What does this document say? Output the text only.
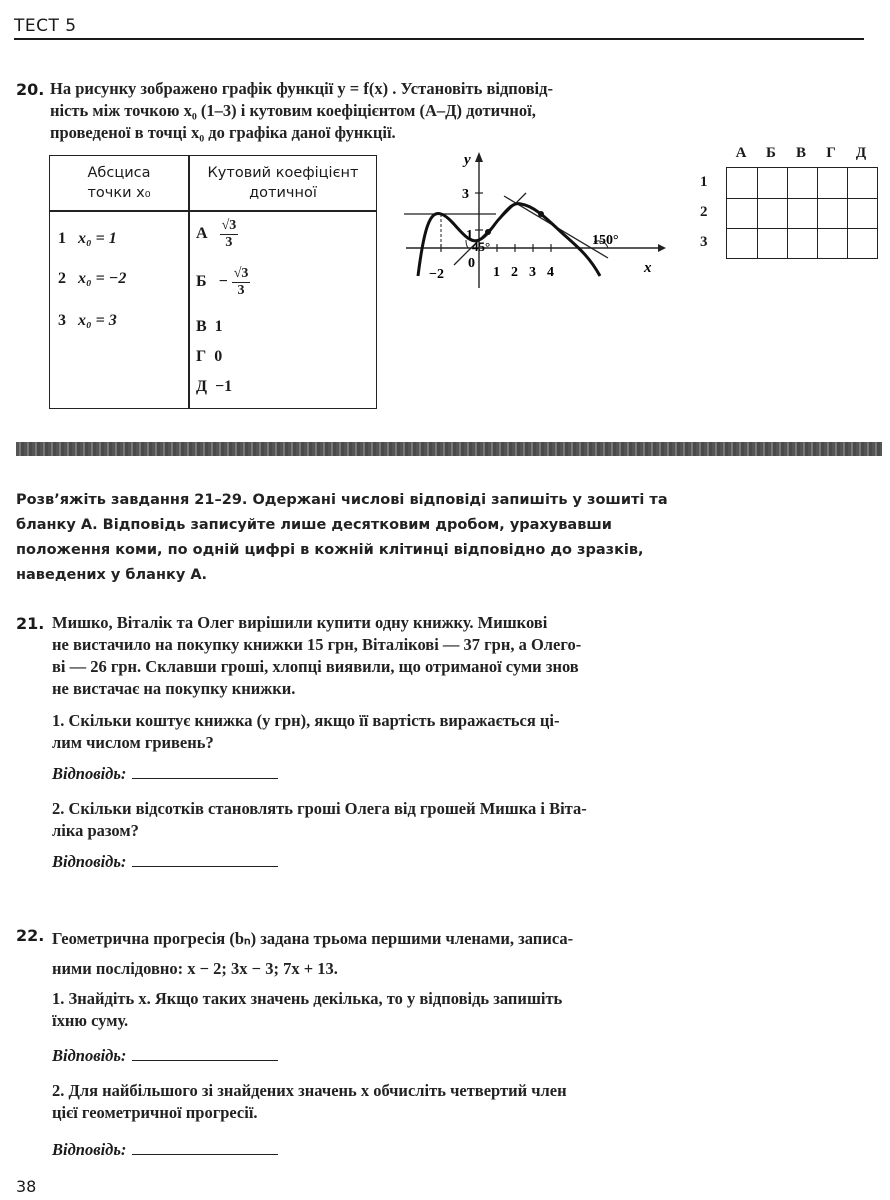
ТЕСТ 5
20. На рисунку зображено графік функції y = f(x) . Установіть відповід-
ність між точкою x₀ (1–3) і кутовим коефіцієнтом (А–Д) дотичної,
проведеної в точці x₀ до графіка даної функції.
Абсциса
точки x₀
Кутовий коефіцієнт
дотичної
1 x₀ = 1
2 x₀ = −2
3 x₀ = 3
А $\frac{√3}{3}$
$Б - \frac{√3}{3}$
В 1
Г 0
Д −1
y
x
3
1
0
−2	1 2 3 4
45°	150°
А	Б	В	Г	Д
1
2
3
Розв’яжіть завдання 21–29. Одержані числові відповіді запишіть у зошиті та бланку А. Відповідь записуйте лише десятковим дробом, урахувавши положення коми, по одній цифрі в кожній клітинці відповідно до зразків, наведених у бланку А.
21. Мишко, Віталік та Олег вирішили купити одну книжку. Мишкові
не вистачило на покупку книжки 15 грн, Віталікові — 37 грн, а Олего-
ві — 26 грн. Склавши гроші, хлопці виявили, що отриманої суми знов
не вистачає на покупку книжки.
1. Скільки коштує книжка (у грн), якщо її вартість виражається ці-
лим числом гривень?
Відповідь:
2. Скільки відсотків становлять гроші Олега від грошей Мишка і Віта-
ліка разом?
Відповідь:
22. Геометрична прогресія (bₙ) задана трьома першими членами, записа-
ними послідовно: x − 2; 3x − 3; 7x + 13.
1. Знайдіть x. Якщо таких значень декілька, то у відповідь запишіть
їхню суму.
Відповідь:
2. Для найбільшого зі знайдених значень x обчисліть четвертий член
цієї геометричної прогресії.
Відповідь:
38
